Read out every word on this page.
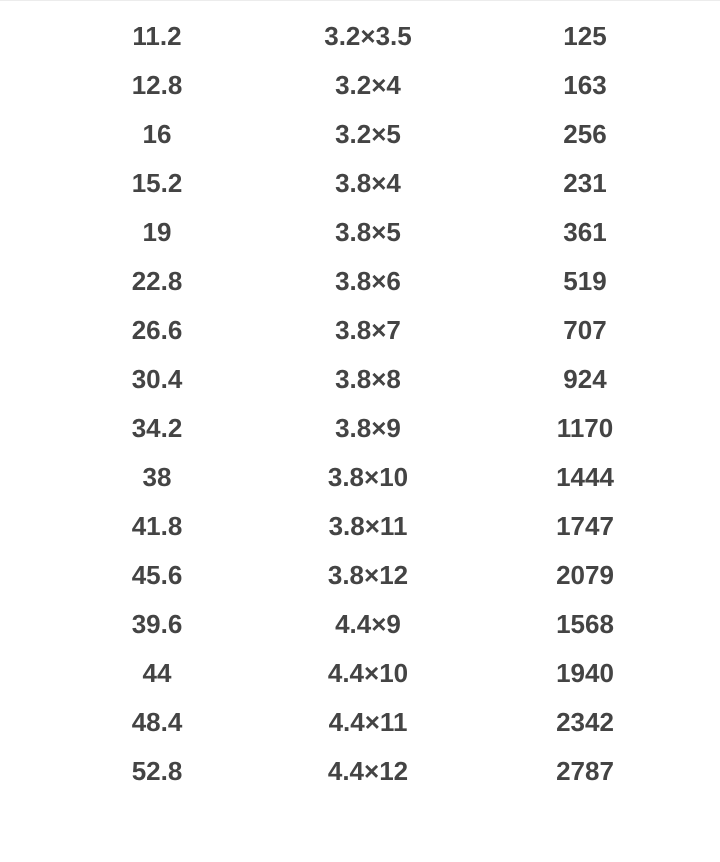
11.2	3.2×3.5	125
12.8	3.2×4	163
16	3.2×5	256
15.2	3.8×4	231
19	3.8×5	361
22.8	3.8×6	519
26.6	3.8×7	707
30.4	3.8×8	924
34.2	3.8×9	1170
38	3.8×10	1444
41.8	3.8×11	1747
45.6	3.8×12	2079
39.6	4.4×9	1568
44	4.4×10	1940
48.4	4.4×11	2342
52.8	4.4×12	2787
